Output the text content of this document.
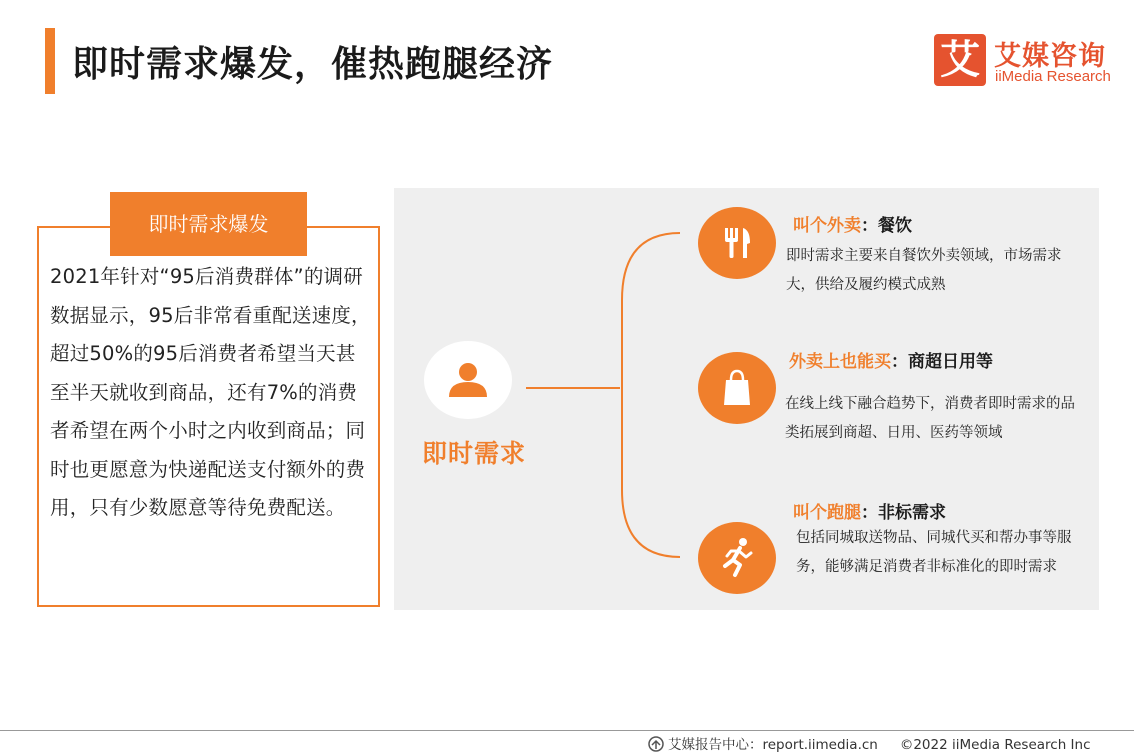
即时需求爆发，催热跑腿经济	艾 艾媒咨询
iiMedia Research
即时需求爆发
2021年针对“95后消费群体”的调研数据显示，95后非常看重配送速度，超过50%的95后消费者希望当天甚至半天就收到商品，还有7%的消费者希望在两个小时之内收到商品；同时也更愿意为快递配送支付额外的费用，只有少数愿意等待免费配送。
即时需求
叫个外卖：餐饮
即时需求主要来自餐饮外卖领域，市场需求大，供给及履约模式成熟
外卖上也能买：商超日用等
在线上线下融合趋势下，消费者即时需求的品类拓展到商超、日用、医药等领域
叫个跑腿：非标需求
包括同城取送物品、同城代买和帮办事等服务，能够满足消费者非标准化的即时需求
艾媒报告中心：report.iimedia.cn ©2022 iiMedia Research Inc
